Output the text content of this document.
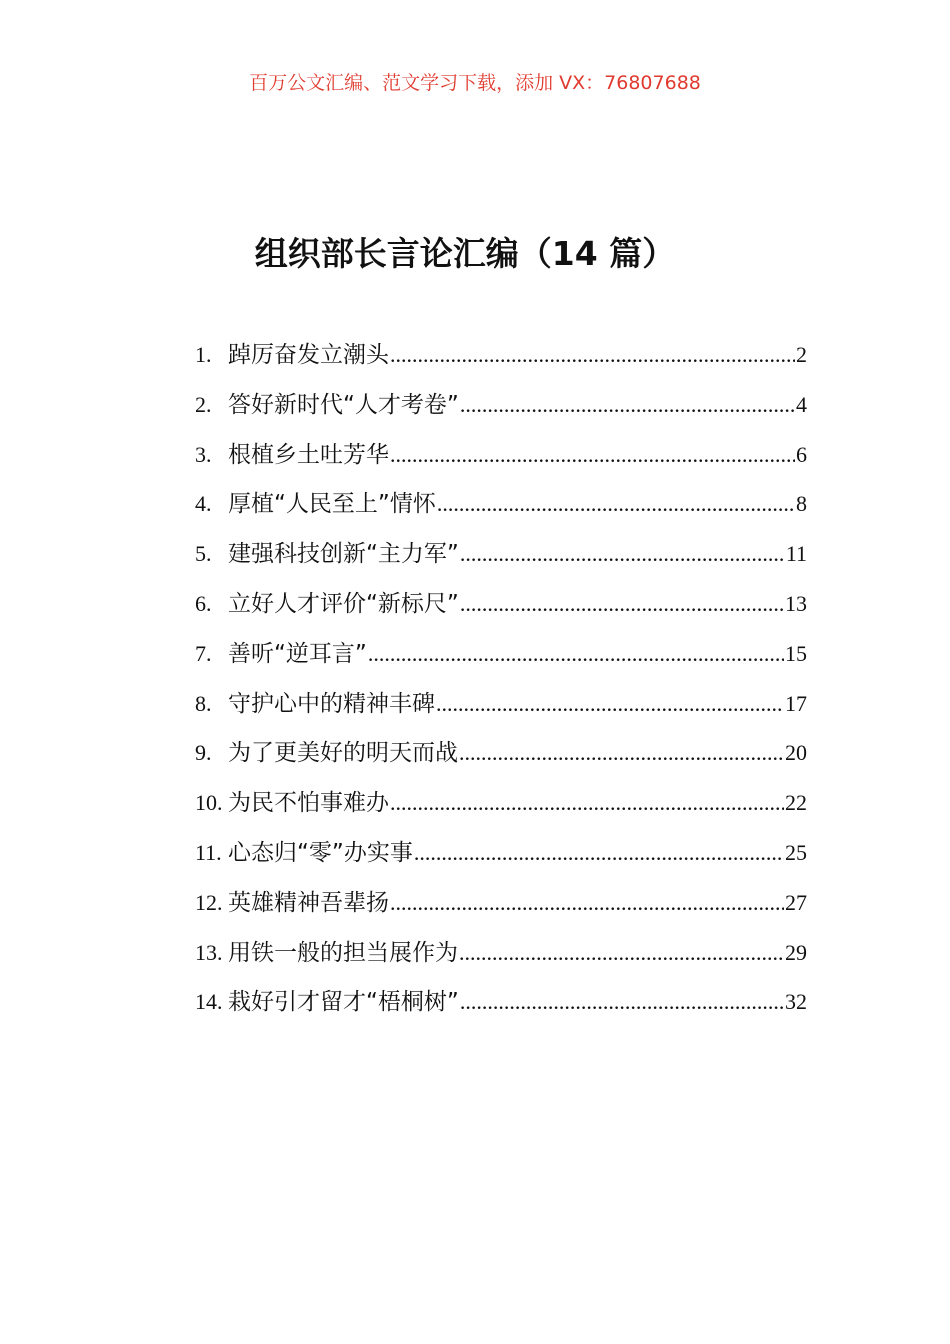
百万公文汇编、范文学习下载，添加 VX：76807688
组织部长言论汇编（14 篇）
1. 踔厉奋发立潮头 .....	2
2. 答好新时代“人才考卷” .....	4
3. 根植乡土吐芳华 .....	6
4. 厚植“人民至上”情怀 .....	8
5. 建强科技创新“主力军” .....	11
6. 立好人才评价“新标尺” .....	13
7. 善听“逆耳言” .....	15
8. 守护心中的精神丰碑 .....	17
9. 为了更美好的明天而战 .....	20
10. 为民不怕事难办 .....	22
11. 心态归“零”办实事 .....	25
12. 英雄精神吾辈扬 .....	27
13. 用铁一般的担当展作为 .....	29
14. 栽好引才留才“梧桐树” .....	32
